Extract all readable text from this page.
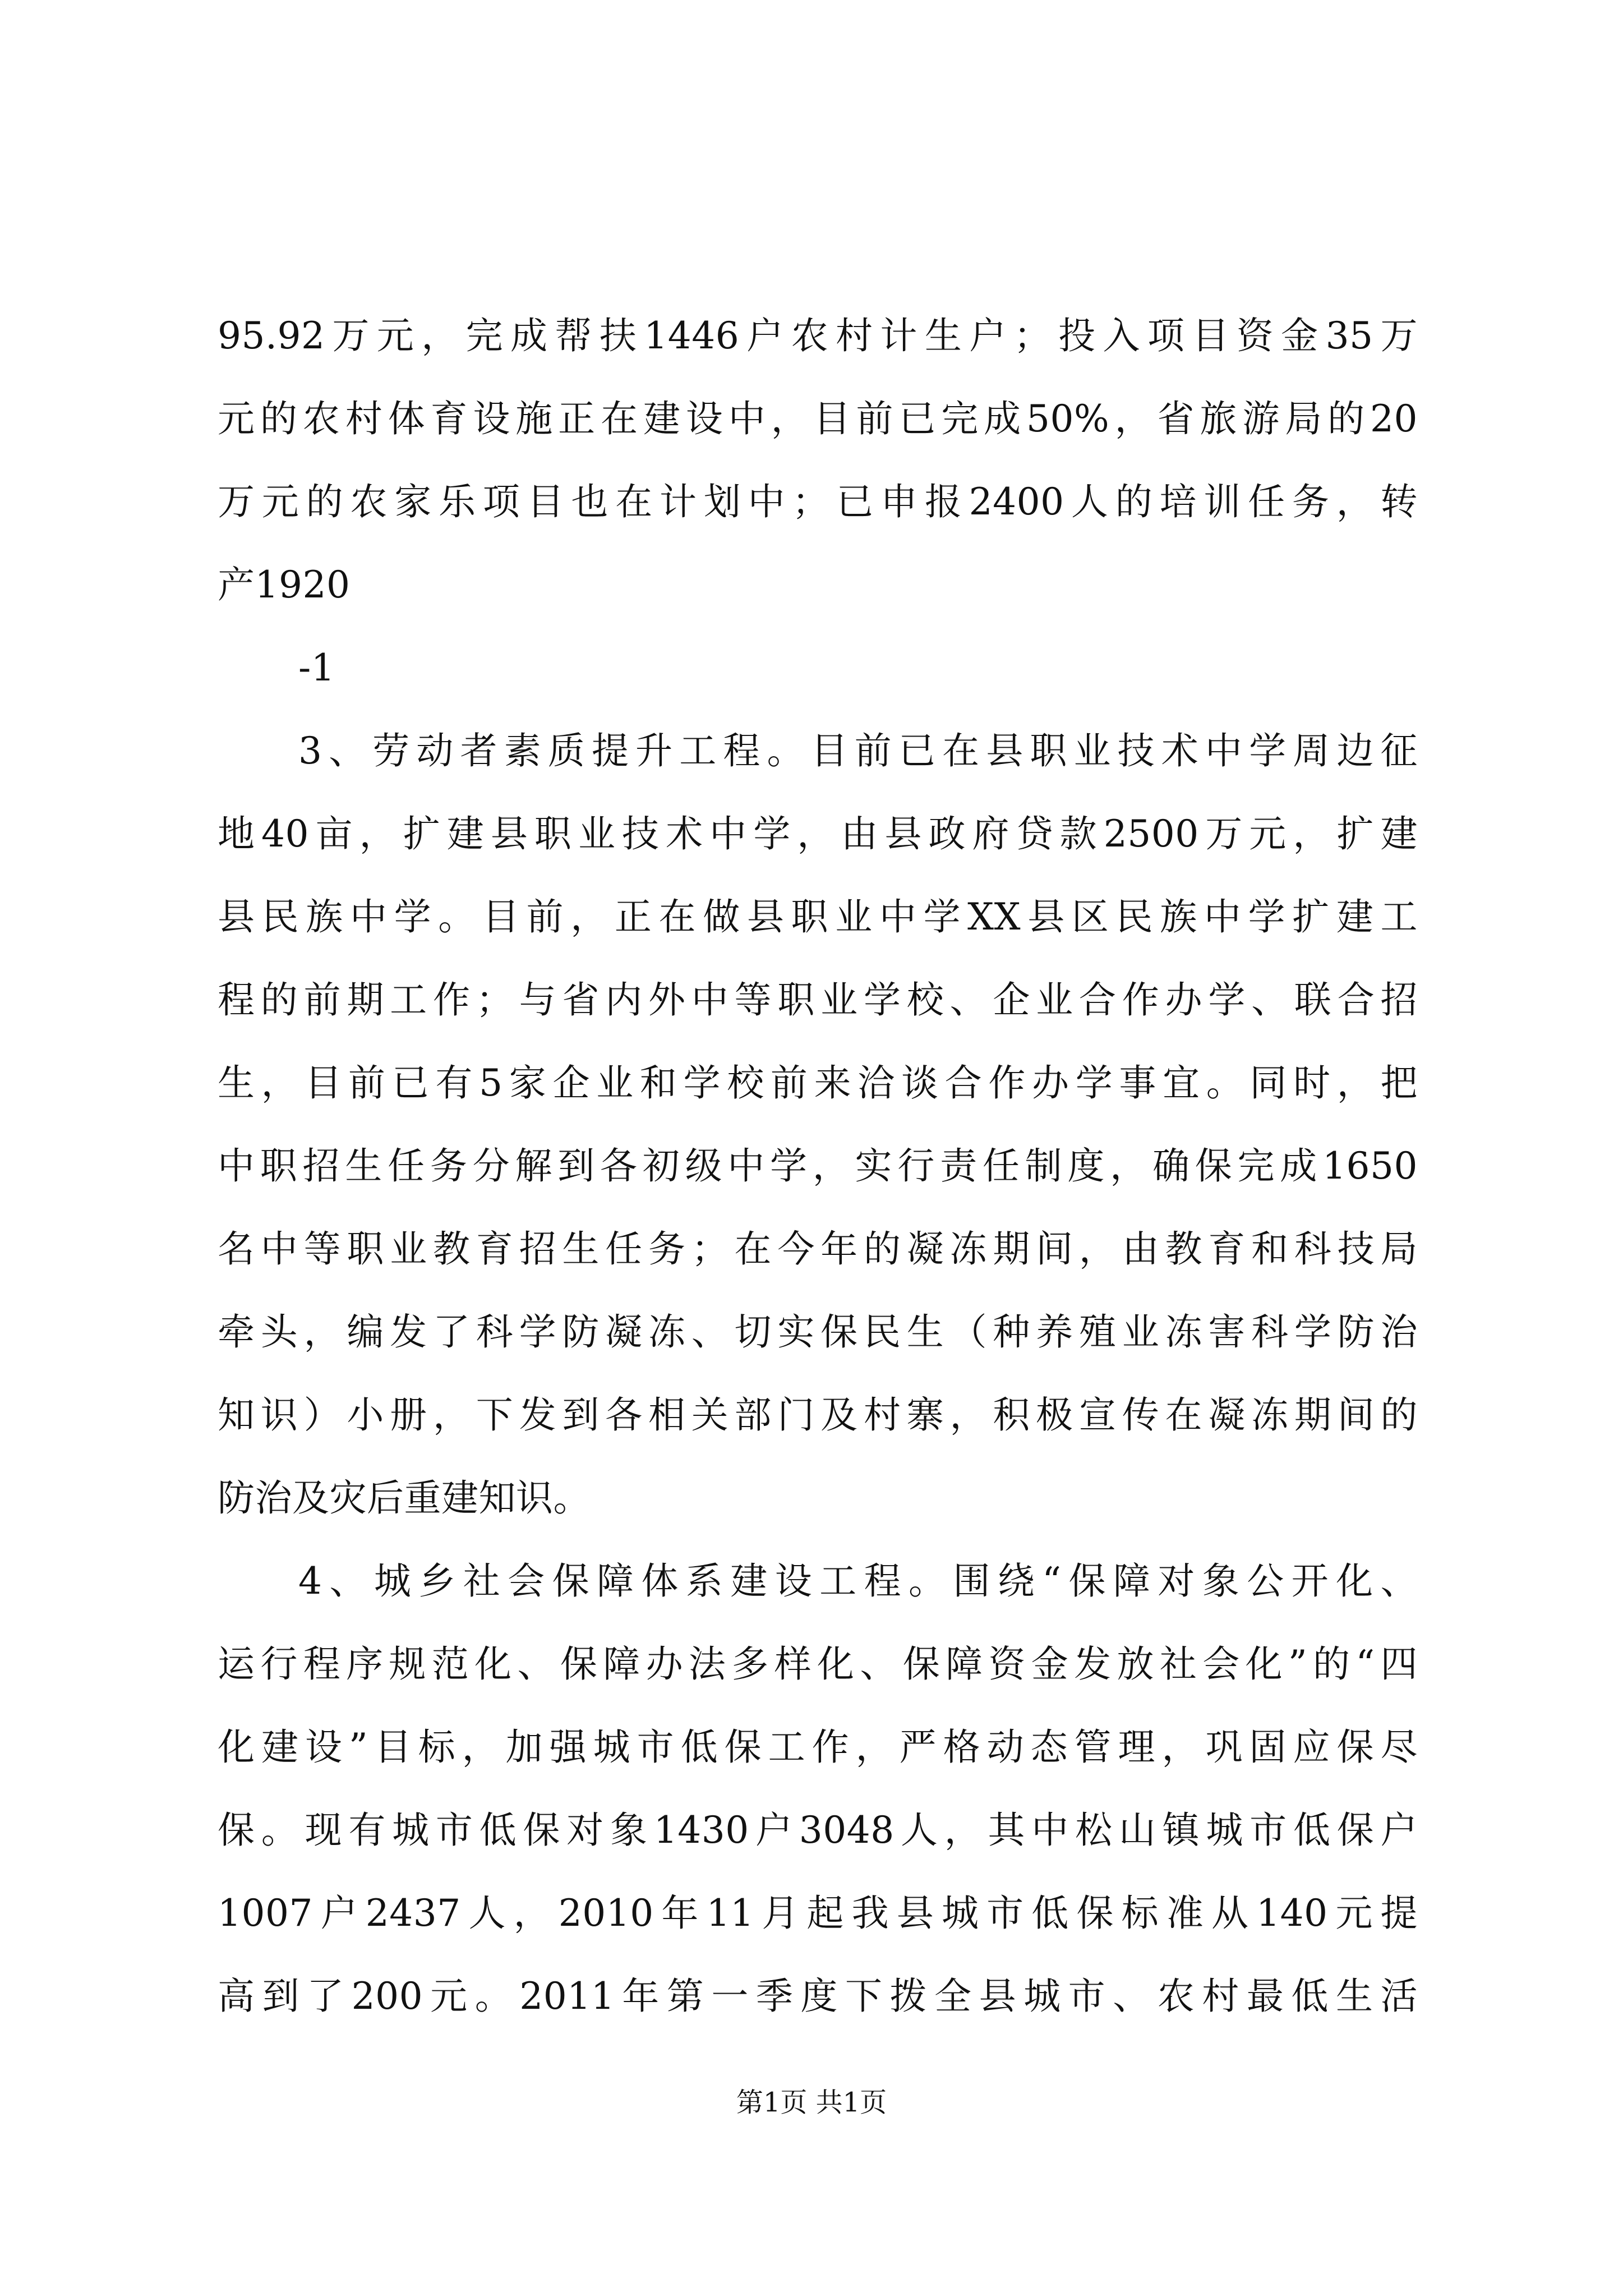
95.92万元，完成帮扶1446户农村计生户；投入项目资金35万
元的农村体育设施正在建设中，目前已完成50%，省旅游局的20
万元的农家乐项目也在计划中；已申报2400人的培训任务，转
产1920
-1
3、劳动者素质提升工程。目前已在县职业技术中学周边征
地40亩，扩建县职业技术中学，由县政府贷款2500万元，扩建
县民族中学。目前，正在做县职业中学XX县区民族中学扩建工
程的前期工作；与省内外中等职业学校、企业合作办学、联合招
生，目前已有5家企业和学校前来洽谈合作办学事宜。同时，把
中职招生任务分解到各初级中学，实行责任制度，确保完成1650
名中等职业教育招生任务；在今年的凝冻期间，由教育和科技局
牵头，编发了科学防凝冻、切实保民生（种养殖业冻害科学防治
知识）小册，下发到各相关部门及村寨，积极宣传在凝冻期间的
防治及灾后重建知识。
4、城乡社会保障体系建设工程。围绕“保障对象公开化、
运行程序规范化、保障办法多样化、保障资金发放社会化”的“四
化建设”目标，加强城市低保工作，严格动态管理，巩固应保尽
保。现有城市低保对象1430户3048人，其中松山镇城市低保户
1007户2437人，2010年11月起我县城市低保标准从140元提
高到了200元。2011年第一季度下拨全县城市、农村最低生活
第1页 共1页
